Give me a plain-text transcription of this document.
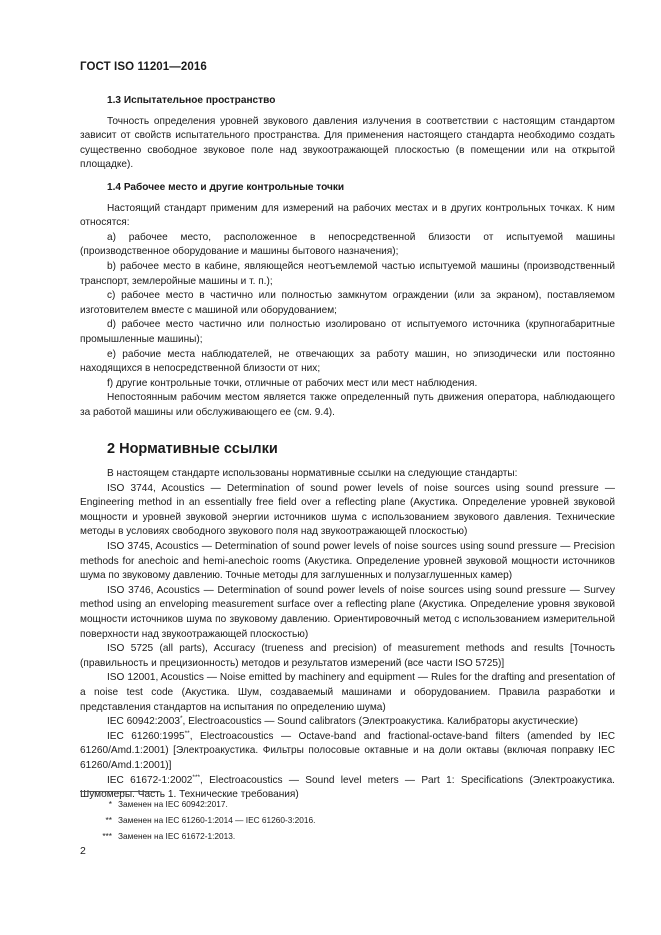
ГОСТ ISO 11201—2016
1.3 Испытательное пространство

Точность определения уровней звукового давления излучения в соответствии с настоящим стандартом зависит от свойств испытательного пространства. Для применения настоящего стандарта необходимо создать существенно свободное звуковое поле над звукоотражающей плоскостью (в помещении или на открытой площадке).

1.4 Рабочее место и другие контрольные точки

Настоящий стандарт применим для измерений на рабочих местах и в других контрольных точках. К ним относятся:

a) рабочее место, расположенное в непосредственной близости от испытуемой машины (производственное оборудование и машины бытового назначения);

b) рабочее место в кабине, являющейся неотъемлемой частью испытуемой машины (производственный транспорт, землеройные машины и т. п.);

c) рабочее место в частично или полностью замкнутом ограждении (или за экраном), поставляемом изготовителем вместе с машиной или оборудованием;

d) рабочее место частично или полностью изолировано от испытуемого источника (крупногабаритные промышленные машины);

e) рабочие места наблюдателей, не отвечающих за работу машин, но эпизодически или постоянно находящихся в непосредственной близости от них;

f) другие контрольные точки, отличные от рабочих мест или мест наблюдения.

Непостоянным рабочим местом является также определенный путь движения оператора, наблюдающего за работой машины или обслуживающего ее (см. 9.4).

2 Нормативные ссылки

В настоящем стандарте использованы нормативные ссылки на следующие стандарты:

ISO 3744, Acoustics — Determination of sound power levels of noise sources using sound pressure — Engineering method in an essentially free field over a reflecting plane (Акустика. Определение уровней звуковой мощности и уровней звуковой энергии источников шума с использованием звукового давления. Технические методы в условиях свободного звукового поля над звукоотражающей плоскостью)

ISO 3745, Acoustics — Determination of sound power levels of noise sources using sound pressure — Precision methods for anechoic and hemi-anechoic rooms (Акустика. Определение уровней звуковой мощности источников шума по звуковому давлению. Точные методы для заглушенных и полузаглушенных камер)

ISO 3746, Acoustics — Determination of sound power levels of noise sources using sound pressure — Survey method using an enveloping measurement surface over a reflecting plane (Акустика. Определение уровня звуковой мощности источников шума по звуковому давлению. Ориентировочный метод с использованием измерительной поверхности над звукоотражающей плоскостью)

ISO 5725 (all parts), Accuracy (trueness and precision) of measurement methods and results [Точность (правильность и прецизионность) методов и результатов измерений (все части ISO 5725)]

ISO 12001, Acoustics — Noise emitted by machinery and equipment — Rules for the drafting and presentation of a noise test code (Акустика. Шум, создаваемый машинами и оборудованием. Правила разработки и представления стандартов на испытания по определению шума)

IEC 60942:2003*, Electroacoustics — Sound calibrators (Электроакустика. Калибраторы акустические)

IEC 61260:1995**, Electroacoustics — Octave-band and fractional-octave-band filters (amended by IEC 61260/Amd.1:2001) [Электроакустика. Фильтры полосовые октавные и на доли октавы (включая поправку IEC 61260/Amd.1:2001)]

IEC 61672-1:2002***, Electroacoustics — Sound level meters — Part 1: Specifications (Электроакустика. Шумомеры. Часть 1. Технические требования)

* Заменен на IEC 60942:2017.
** Заменен на IEC 61260-1:2014 — IEC 61260-3:2016.
*** Заменен на IEC 61672-1:2013.
2
